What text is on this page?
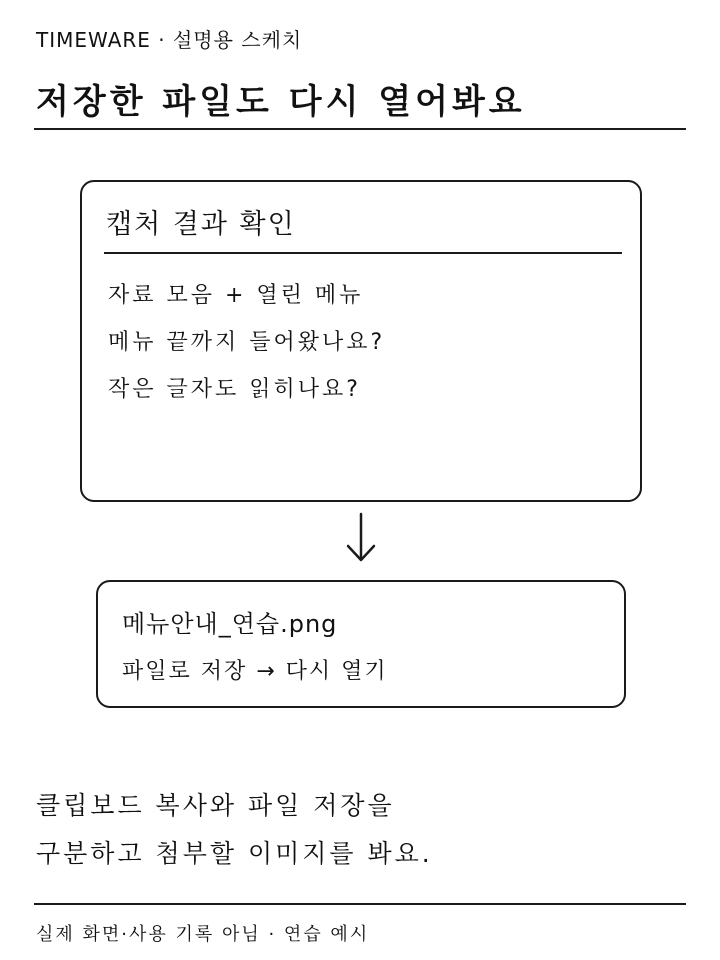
TIMEWARE · 설명용 스케치
저장한 파일도 다시 열어봐요
캡처 결과 확인
자료 모음 + 열린 메뉴
메뉴 끝까지 들어왔나요?
작은 글자도 읽히나요?
메뉴안내_연습.png
파일로 저장 → 다시 열기
클립보드 복사와 파일 저장을
구분하고 첨부할 이미지를 봐요.
실제 화면·사용 기록 아님 · 연습 예시
